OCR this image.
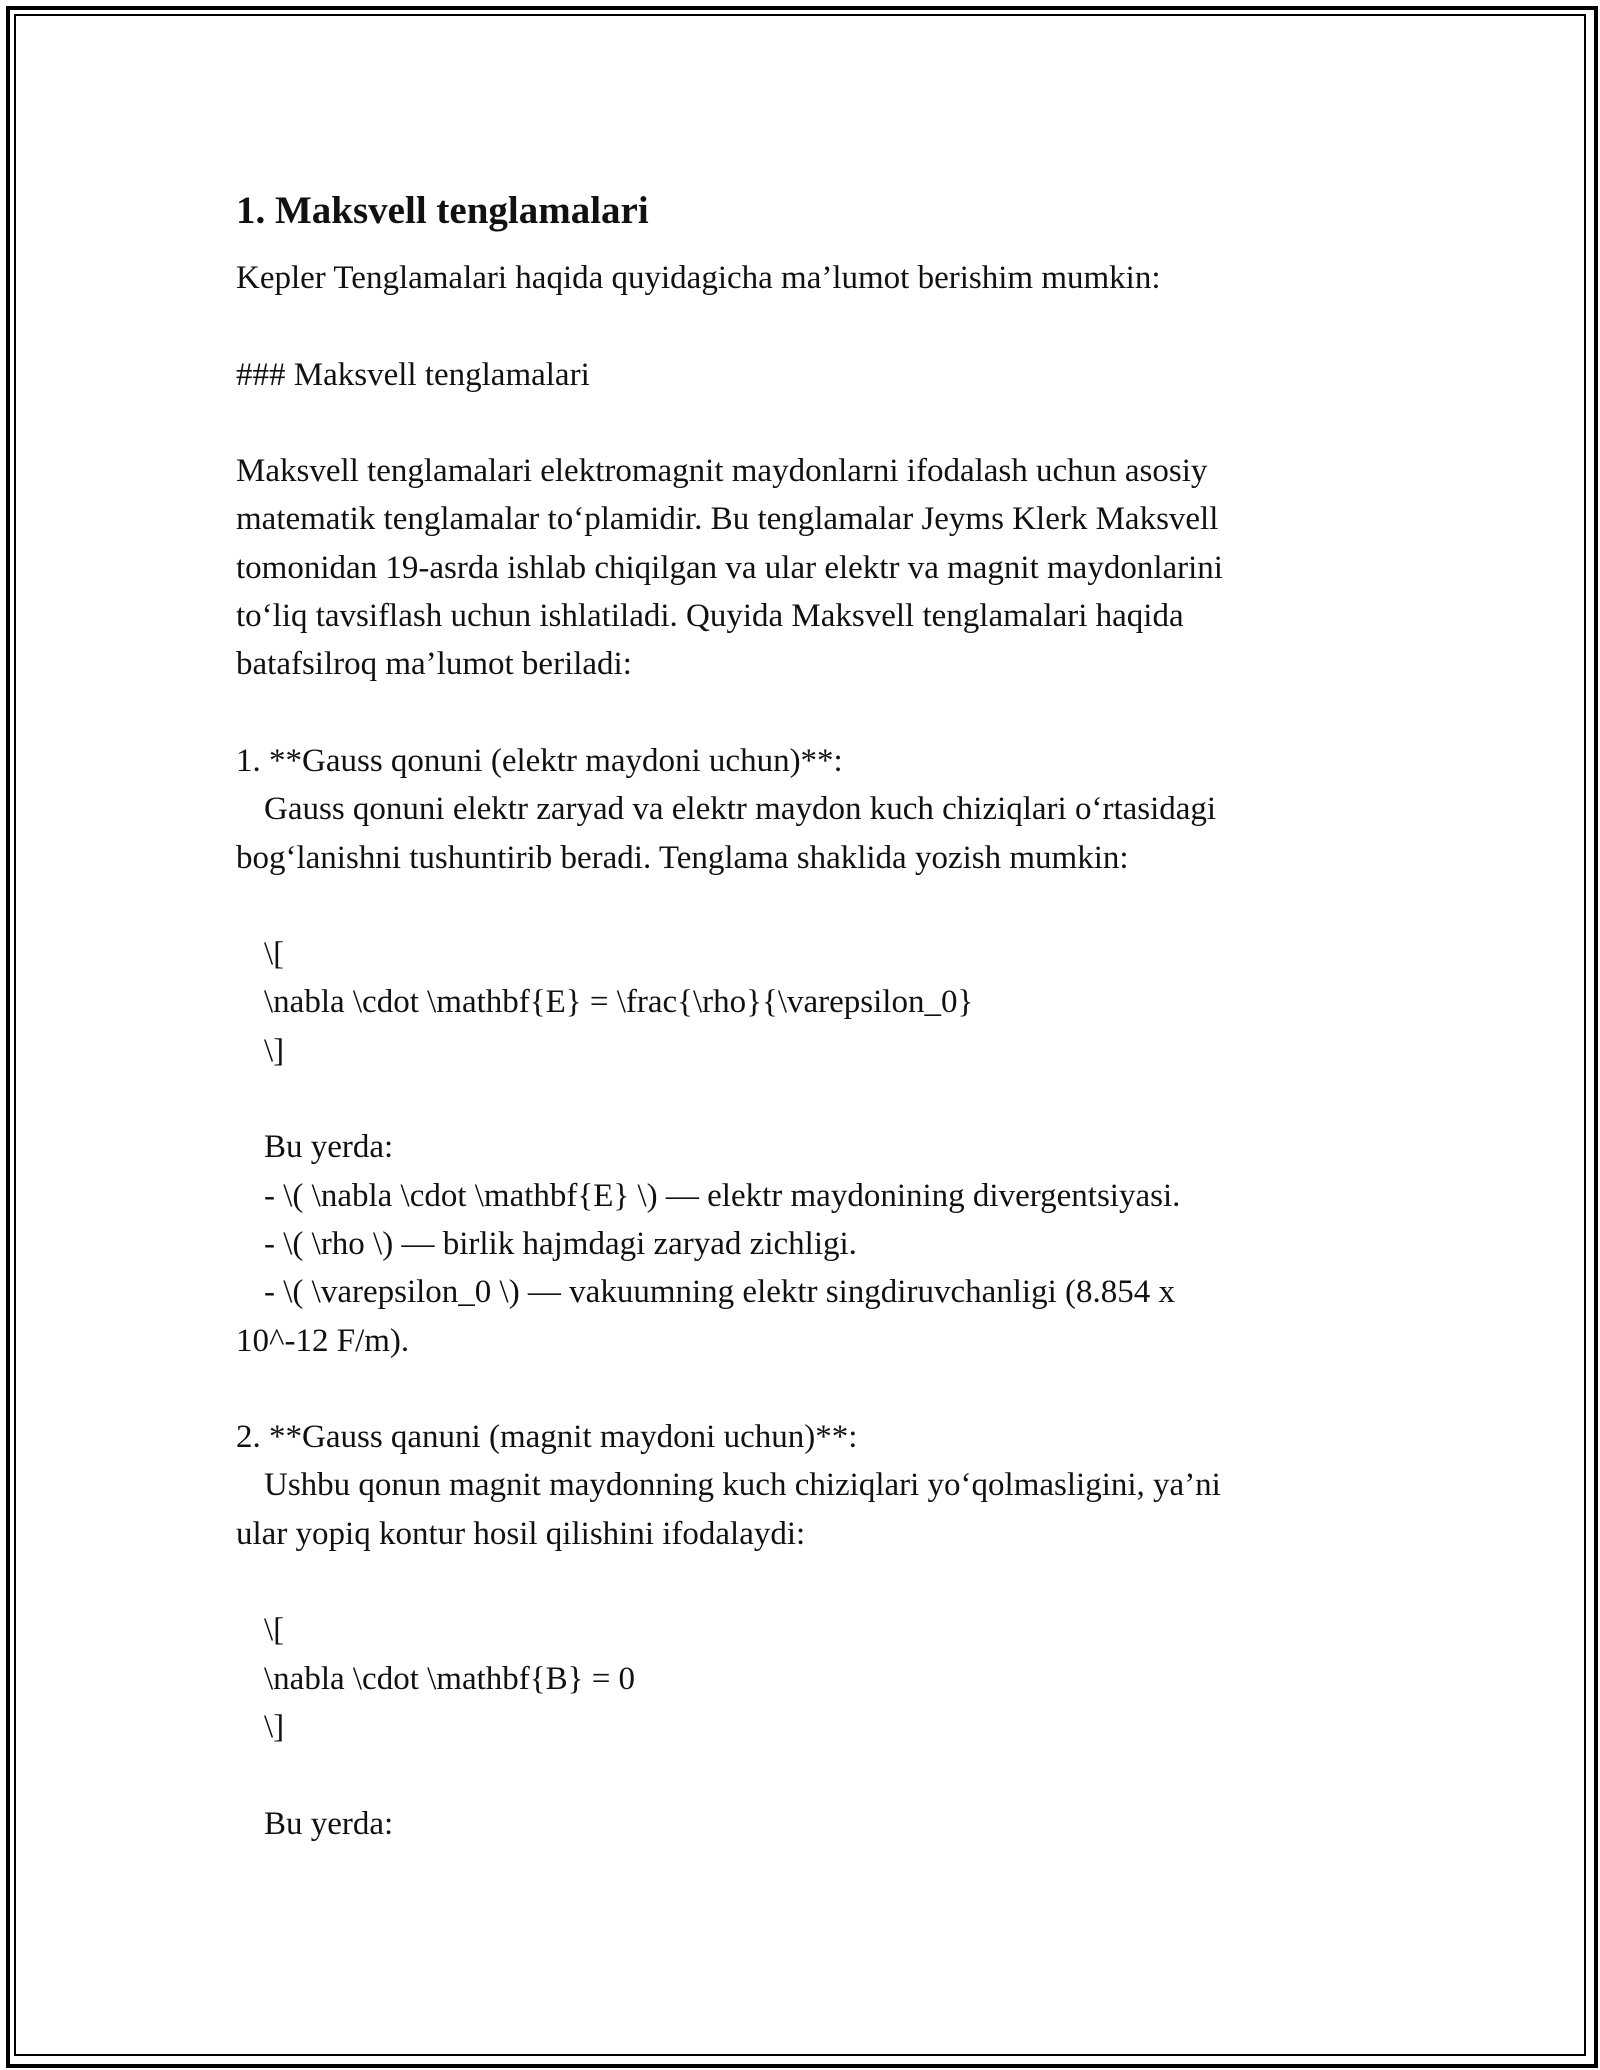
1. Maksvell tenglamalari
Kepler Tenglamalari haqida quyidagicha ma’lumot berishim mumkin:
### Maksvell tenglamalari
Maksvell tenglamalari elektromagnit maydonlarni ifodalash uchun asosiy
matematik tenglamalar to‘plamidir. Bu tenglamalar Jeyms Klerk Maksvell
tomonidan 19-asrda ishlab chiqilgan va ular elektr va magnit maydonlarini
to‘liq tavsiflash uchun ishlatiladi. Quyida Maksvell tenglamalari haqida
batafsilroq ma’lumot beriladi:
1. **Gauss qonuni (elektr maydoni uchun)**:
Gauss qonuni elektr zaryad va elektr maydon kuch chiziqlari o‘rtasidagi
bog‘lanishni tushuntirib beradi. Tenglama shaklida yozish mumkin:
\[
\nabla \cdot \mathbf{E} = \frac{\rho}{\varepsilon_0}
\]
Bu yerda:
- \( \nabla \cdot \mathbf{E} \) — elektr maydonining divergentsiyasi.
- \( \rho \) — birlik hajmdagi zaryad zichligi.
- \( \varepsilon_0 \) — vakuumning elektr singdiruvchanligi (8.854 x
10^-12 F/m).
2. **Gauss qanuni (magnit maydoni uchun)**:
Ushbu qonun magnit maydonning kuch chiziqlari yo‘qolmasligini, ya’ni
ular yopiq kontur hosil qilishini ifodalaydi:
\[
\nabla \cdot \mathbf{B} = 0
\]
Bu yerda:
